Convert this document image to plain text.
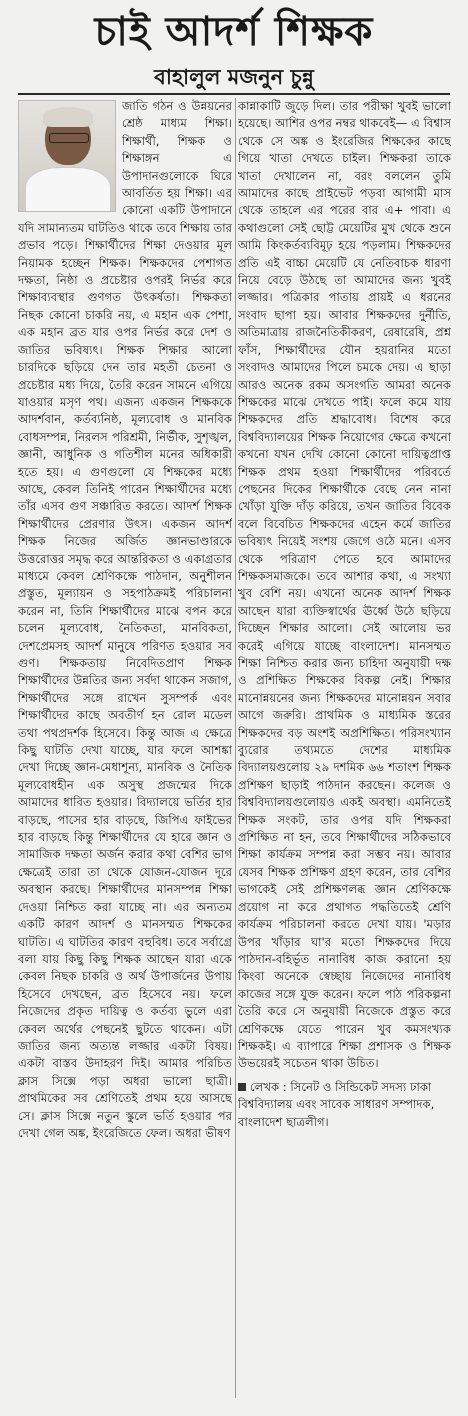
চাই আদর্শ শিক্ষক
বাহালুল মজনুন চুন্নু

জাতি গঠন ও উন্নয়নের শ্রেষ্ঠ মাধ্যম শিক্ষা। শিক্ষার্থী, শিক্ষক ও শিক্ষাঙ্গন এ উপাদানগুলোকে ঘিরে আবর্তিত হয় শিক্ষা। এর কোনো একটি উপাদানে যদি সামান্যতম ঘাটতিও থাকে তবে শিক্ষায় তার প্রভাব পড়ে। শিক্ষার্থীদের শিক্ষা দেওয়ার মূল নিয়ামক হচ্ছেন শিক্ষক। শিক্ষকদের পেশাগত দক্ষতা, নিষ্ঠা ও প্রচেষ্টার ওপরই নির্ভর করে শিক্ষাব্যবস্থার গুণগত উৎকর্ষতা। শিক্ষকতা নিছক কোনো চাকরি নয়, এ মহান এক পেশা, এক মহান ব্রত যার ওপর নির্ভর করে দেশ ও জাতির ভবিষ্যৎ। শিক্ষক শিক্ষার আলো চারদিকে ছড়িয়ে দেন তার মহতী চেতনা ও প্রচেষ্টার মধ্য দিয়ে, তৈরি করেন সামনে এগিয়ে যাওয়ার মসৃণ পথ। এজন্য একজন শিক্ষককে আদর্শবান, কর্তব্যনিষ্ঠ, মূল্যবোধ ও মানবিক বোধসম্পন্ন, নিরলস পরিশ্রমী, নির্ভীক, সুশৃঙ্খল, জ্ঞানী, আধুনিক ও গতিশীল মনের অধিকারী হতে হয়। এ গুণগুলো যে শিক্ষকের মধ্যে আছে, কেবল তিনিই পারেন শিক্ষার্থীদের মধ্যে তাঁর এসব গুণ সঞ্চারিত করতে। আদর্শ শিক্ষক শিক্ষার্থীদের প্রেরণার উৎস। একজন আদর্শ শিক্ষক নিজের অর্জিত জ্ঞানভাণ্ডারকে উত্তরোত্তর সমৃদ্ধ করে আন্তরিকতা ও একাগ্রতার মাধ্যমে কেবল শ্রেণিকক্ষে পাঠদান, অনুশীলন প্রস্তুত, মূল্যায়ন ও সহপাঠক্রমই পরিচালনা করেন না, তিনি শিক্ষার্থীদের মাঝে বপন করে চলেন মূল্যবোধ, নৈতিকতা, মানবিকতা, দেশপ্রেমসহ আদর্শ মানুষে পরিণত হওয়ার সব গুণ। শিক্ষকতায় নিবেদিতপ্রাণ শিক্ষক শিক্ষার্থীদের উন্নতির জন্য সর্বদা থাকেন সজাগ, শিক্ষার্থীদের সঙ্গে রাখেন সুসম্পর্ক এবং শিক্ষার্থীদের কাছে অবতীর্ণ হন রোল মডেল তথা পথপ্রদর্শক হিসেবে। কিন্তু আজ এ ক্ষেত্রে কিছু ঘাটতি দেখা যাচ্ছে, যার ফলে আশঙ্কা দেখা দিচ্ছে জ্ঞান-মেধাশূন্য, মানবিক ও নৈতিক মূল্যবোধহীন এক অসুস্থ প্রজন্মের দিকে আমাদের ধাবিত হওয়ার। বিদ্যালয়ে ভর্তির হার বাড়ছে, পাসের হার বাড়ছে, জিপিএ ফাইভের হার বাড়ছে কিন্তু শিক্ষার্থীদের যে হারে জ্ঞান ও সামাজিক দক্ষতা অর্জন করার কথা বেশির ভাগ ক্ষেত্রেই তারা তা থেকে যোজন-যোজন দূরে অবস্থান করছে। শিক্ষার্থীদের মানসম্পন্ন শিক্ষা দেওয়া নিশ্চিত করা যাচ্ছে না। এর অন্যতম একটি কারণ আদর্শ ও মানসম্মত শিক্ষকের ঘাটতি। এ ঘাটতির কারণ বহুবিধ। তবে সর্বাগ্রে বলা যায় কিছু কিছু শিক্ষক আছেন যারা একে কেবল নিছক চাকরি ও অর্থ উপার্জনের উপায় হিসেবে দেখছেন, ব্রত হিসেবে নয়। ফলে নিজেদের প্রকৃত দায়িত্ব ও কর্তব্য ভুলে এরা কেবল অর্থের পেছনেই ছুটতে থাকেন। এটা জাতির জন্য অত্যন্ত লজ্জার একটা বিষয়। একটা বাস্তব উদাহরণ দিই। আমার পরিচিত ক্লাস সিক্সে পড়া অধরা ভালো ছাত্রী। প্রাথমিকের সব শ্রেণিতেই প্রথম হয়ে আসছে সে। ক্লাস সিক্সে নতুন স্কুলে ভর্তি হওয়ার পর দেখা গেল অঙ্ক, ইংরেজিতে ফেল। অধরা ভীষণ

কান্নাকাটি জুড়ে দিল। তার পরীক্ষা খুবই ভালো হয়েছে। আশির ওপর নম্বর থাকবেই— এ বিশ্বাস থেকে সে অঙ্ক ও ইংরেজির শিক্ষকের কাছে গিয়ে খাতা দেখতে চাইল। শিক্ষকরা তাকে খাতা দেখালেন না, বরং বললেন তুমি আমাদের কাছে প্রাইভেট পড়বা আগামী মাস থেকে তাহলে এর পরের বার এ+ পাবা। এ কথাগুলো সেই ছোট্ট মেয়েটির মুখ থেকে শুনে আমি কিংকর্তব্যবিমূঢ় হয়ে পড়লাম। শিক্ষকদের প্রতি এই বাচ্চা মেয়েটি যে নেতিবাচক ধারণা নিয়ে বেড়ে উঠছে তা আমাদের জন্য খুবই লজ্জার। পত্রিকার পাতায় প্রায়ই এ ধরনের সংবাদ ছাপা হয়। আবার শিক্ষকদের দুর্নীতি, অতিমাত্রায় রাজনৈতিকীকরণ, রেষারেষি, প্রশ্ন ফাঁস, শিক্ষার্থীদের যৌন হয়রানির মতো সংবাদও আমাদের পিলে চমকে দেয়। এ ছাড়া আরও অনেক রকম অসংগতি আমরা অনেক শিক্ষকের মাঝে দেখতে পাই। ফলে কমে যায় শিক্ষকদের প্রতি শ্রদ্ধাবোধ। বিশেষ করে বিশ্ববিদ্যালয়ের শিক্ষক নিয়োগের ক্ষেত্রে কখনো কখনো যখন দেখি কোনো কোনো দায়িত্বপ্রাপ্ত শিক্ষক প্রথম হওয়া শিক্ষার্থীদের পরিবর্তে পেছনের দিকের শিক্ষার্থীকে বেছে নেন নানা খোঁড়া যুক্তি দাঁড় করিয়ে, তখন জাতির বিবেক বলে বিবেচিত শিক্ষকদের এহেন কর্মে জাতির ভবিষ্যৎ নিয়েই সংশয় জেগে ওঠে মনে। এসব থেকে পরিত্রাণ পেতে হবে আমাদের শিক্ষকসমাজকে। তবে আশার কথা, এ সংখ্যা খুব বেশি নয়। এখনো অনেক আদর্শ শিক্ষক আছেন যারা ব্যক্তিস্বার্থের ঊর্ধ্বে উঠে ছড়িয়ে দিচ্ছেন শিক্ষার আলো। সেই আলোয় ভর করেই এগিয়ে যাচ্ছে বাংলাদেশ। মানসম্মত শিক্ষা নিশ্চিত করার জন্য চাহিদা অনুযায়ী দক্ষ ও প্রশিক্ষিত শিক্ষকের বিকল্প নেই। শিক্ষার মানোন্নয়নের জন্য শিক্ষকদের মানোন্নয়ন সবার আগে জরুরি। প্রাথমিক ও মাধ্যমিক স্তরের শিক্ষকদের বড় অংশই অপ্রশিক্ষিত। পরিসংখ্যান ব্যুরোর তথ্যমতে দেশের মাধ্যমিক বিদ্যালয়গুলোয় ২৯ দশমিক ৬৬ শতাংশ শিক্ষক প্রশিক্ষণ ছাড়াই পাঠদান করছেন। কলেজ ও বিশ্ববিদ্যালয়গুলোয়ও একই অবস্থা। এমনিতেই শিক্ষক সংকট, তার ওপর যদি শিক্ষকরা প্রশিক্ষিত না হন, তবে শিক্ষার্থীদের সঠিকভাবে শিক্ষা কার্যক্রম সম্পন্ন করা সম্ভব নয়। আবার যেসব শিক্ষক প্রশিক্ষণ গ্রহণ করেন, তার বেশির ভাগকেই সেই প্রশিক্ষণলব্ধ জ্ঞান শ্রেণিকক্ষে প্রয়োগ না করে প্রথাগত পদ্ধতিতেই শ্রেণি কার্যক্রম পরিচালনা করতে দেখা যায়। 'মড়ার উপর খাঁড়ার ঘা'র মতো শিক্ষকদের দিয়ে পাঠদান-বহির্ভূত নানাবিধ কাজ করানো হয় কিংবা অনেকে স্বেচ্ছায় নিজেদের নানাবিধ কাজের সঙ্গে যুক্ত করেন। ফলে পাঠ পরিকল্পনা তৈরি করে সে অনুযায়ী নিজেকে প্রস্তুত করে শ্রেণিকক্ষে যেতে পারেন খুব কমসংখ্যক শিক্ষকই। এ ব্যাপারে শিক্ষা প্রশাসক ও শিক্ষক উভয়েরই সচেতন থাকা উচিত।

লেখক : সিনেট ও সিন্ডিকেট সদস্য ঢাকা বিশ্ববিদ্যালয় এবং সাবেক সাধারণ সম্পাদক, বাংলাদেশ ছাত্রলীগ।
